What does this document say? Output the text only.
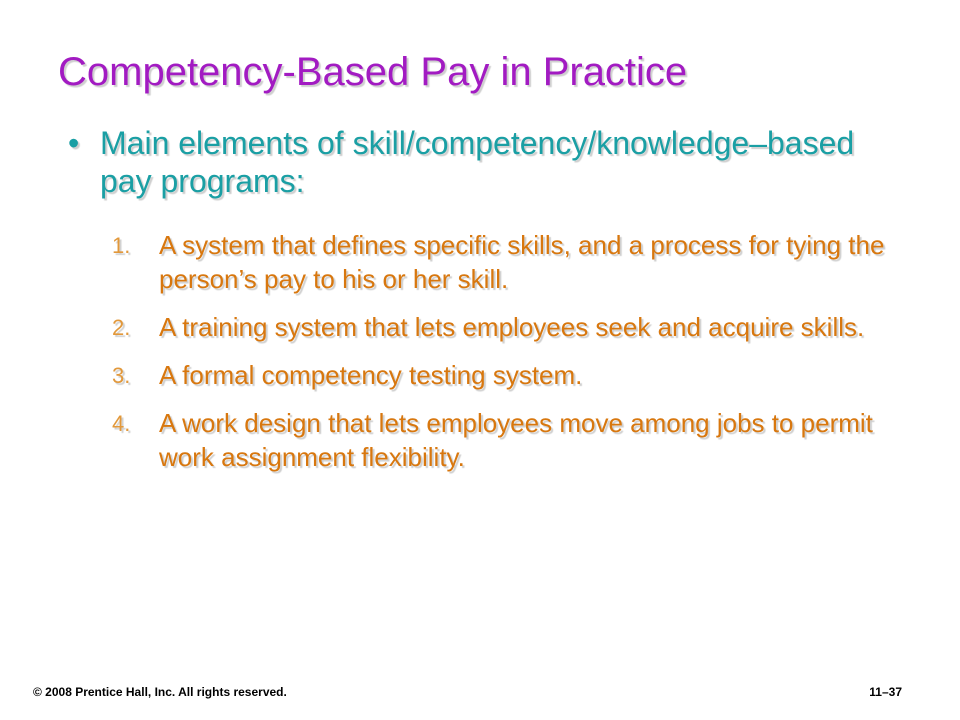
Competency-Based Pay in Practice
• Main elements of skill/competency/knowledge–based pay programs:
1. A system that defines specific skills, and a process for tying the person’s pay to his or her skill.
2. A training system that lets employees seek and acquire skills.
3. A formal competency testing system.
4. A work design that lets employees move among jobs to permit work assignment flexibility.
© 2008 Prentice Hall, Inc. All rights reserved.	11–37
